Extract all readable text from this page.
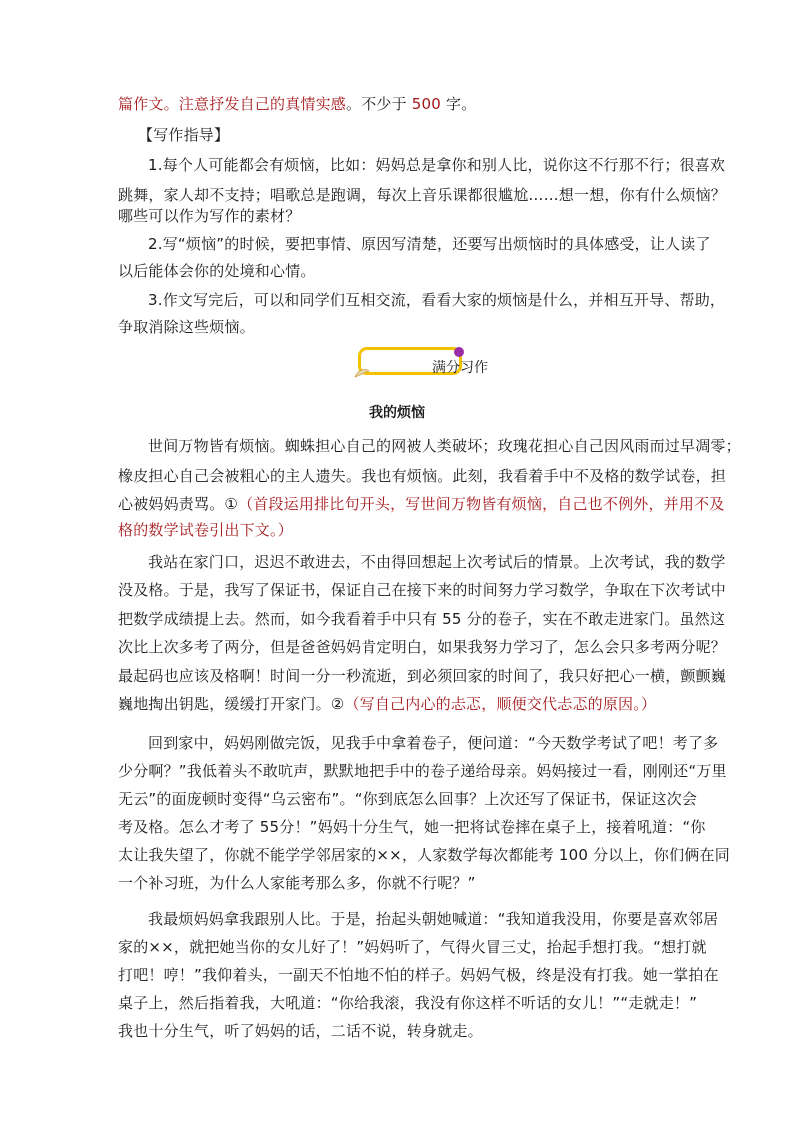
篇作文。注意抒发自己的真情实感。不少于 500 字。
【写作指导】
1.每个人可能都会有烦恼，比如：妈妈总是拿你和别人比，说你这不行那不行；很喜欢
跳舞，家人却不支持；唱歌总是跑调，每次上音乐课都很尴尬……想一想，你有什么烦恼？
哪些可以作为写作的素材？
2.写“烦恼”的时候，要把事情、原因写清楚，还要写出烦恼时的具体感受，让人读了
以后能体会你的处境和心情。
3.作文写完后，可以和同学们互相交流，看看大家的烦恼是什么，并相互开导、帮助，
争取消除这些烦恼。
满分习作
我的烦恼
世间万物皆有烦恼。蜘蛛担心自己的网被人类破坏；玫瑰花担心自己因风雨而过早凋零；
橡皮担心自己会被粗心的主人遗失。我也有烦恼。此刻，我看着手中不及格的数学试卷，担
心被妈妈责骂。①（首段运用排比句开头，写世间万物皆有烦恼，自己也不例外，并用不及
格的数学试卷引出下文。）
我站在家门口，迟迟不敢进去，不由得回想起上次考试后的情景。上次考试，我的数学
没及格。于是，我写了保证书，保证自己在接下来的时间努力学习数学，争取在下次考试中
把数学成绩提上去。然而，如今我看着手中只有 55 分的卷子，实在不敢走进家门。虽然这
次比上次多考了两分，但是爸爸妈妈肯定明白，如果我努力学习了，怎么会只多考两分呢？
最起码也应该及格啊！时间一分一秒流逝，到必须回家的时间了，我只好把心一横，颤颤巍
巍地掏出钥匙，缓缓打开家门。②（写自己内心的忐忑，顺便交代忐忑的原因。）
回到家中，妈妈刚做完饭，见我手中拿着卷子，便问道：“今天数学考试了吧！考了多
少分啊？”我低着头不敢吭声，默默地把手中的卷子递给母亲。妈妈接过一看，刚刚还“万里
无云”的面庞顿时变得“乌云密布”。“你到底怎么回事？上次还写了保证书，保证这次会
考及格。怎么才考了 55分！”妈妈十分生气，她一把将试卷摔在桌子上，接着吼道：“你
太让我失望了，你就不能学学邻居家的××，人家数学每次都能考 100 分以上，你们俩在同
一个补习班，为什么人家能考那么多，你就不行呢？”
我最烦妈妈拿我跟别人比。于是，抬起头朝她喊道：“我知道我没用，你要是喜欢邻居
家的××，就把她当你的女儿好了！”妈妈听了，气得火冒三丈，抬起手想打我。“想打就
打吧！哼！”我仰着头，一副天不怕地不怕的样子。妈妈气极，终是没有打我。她一掌拍在
桌子上，然后指着我，大吼道：“你给我滚，我没有你这样不听话的女儿！”“走就走！”
我也十分生气，听了妈妈的话，二话不说，转身就走。
